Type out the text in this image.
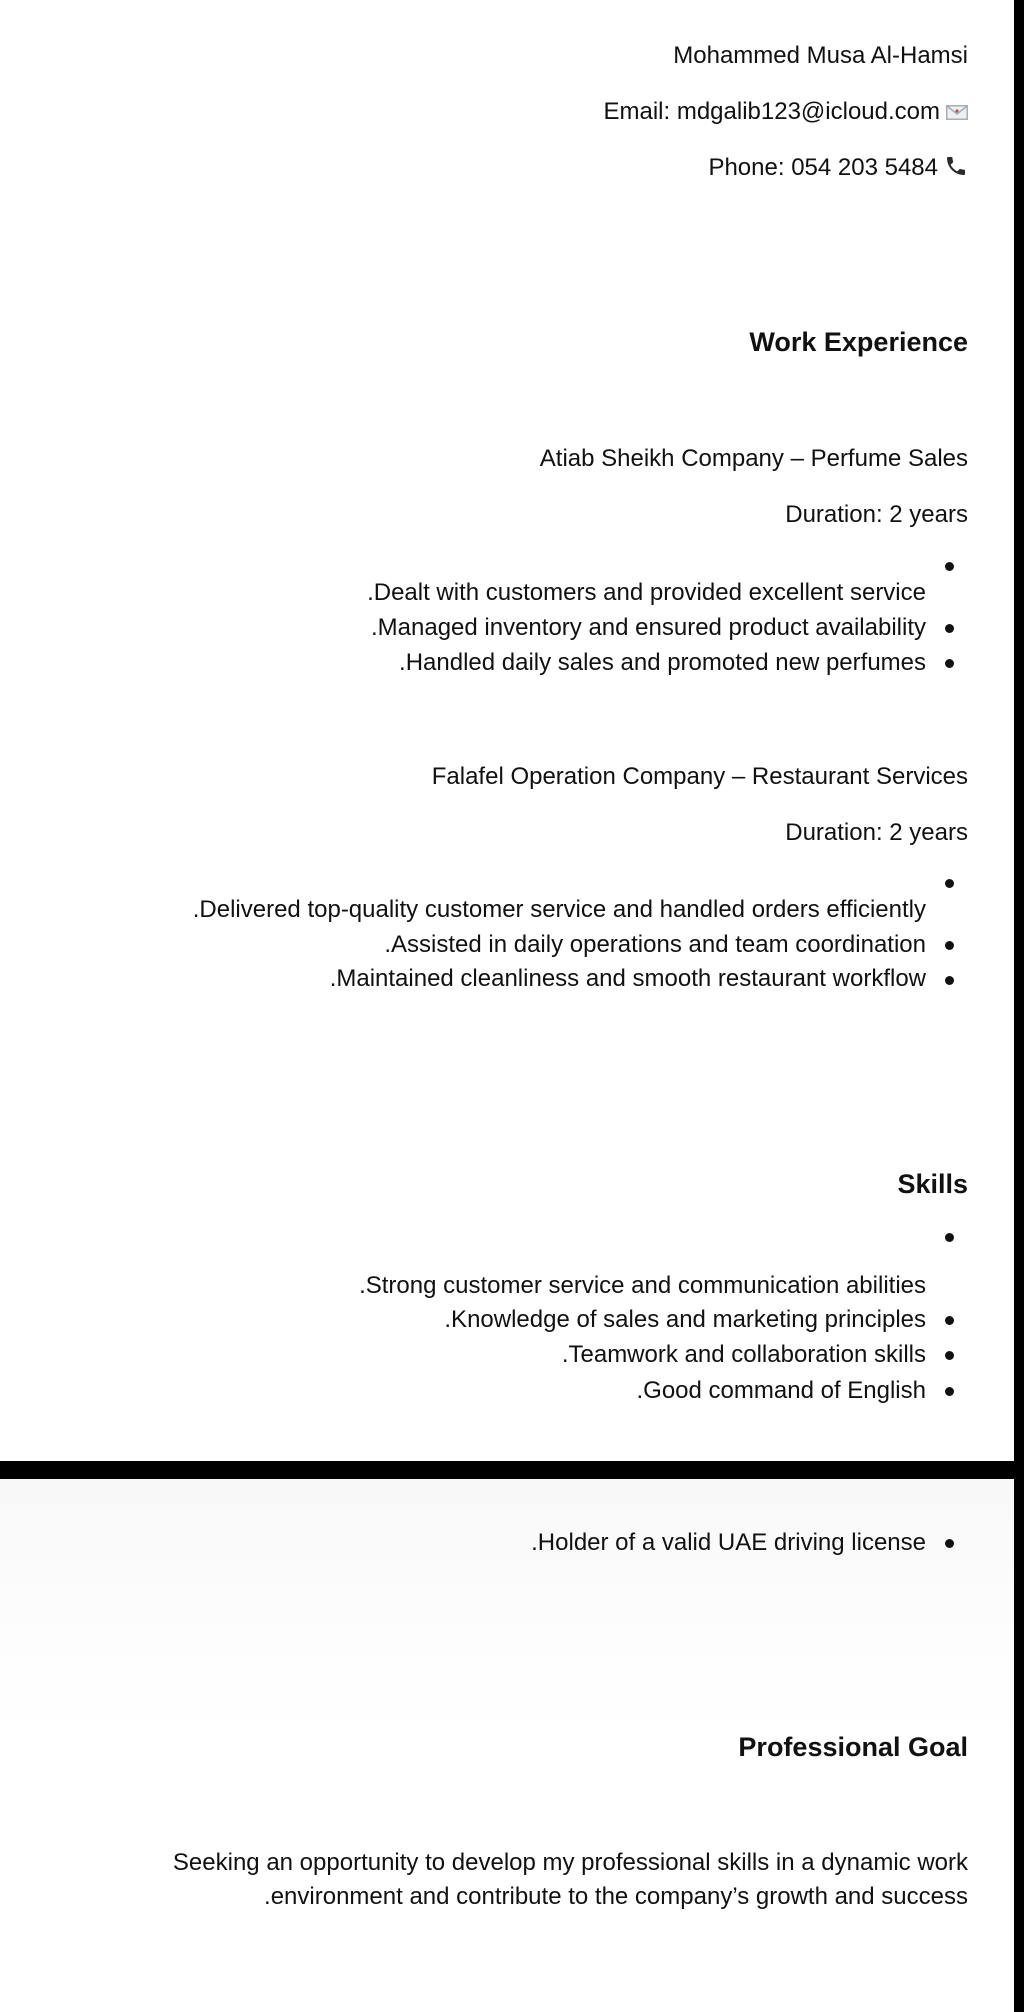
Mohammed Musa Al-Hamsi
Email: mdgalib123@icloud.com
Phone: 054 203 5484
Work Experience
Atiab Sheikh Company – Perfume Sales
Duration: 2 years
.Dealt with customers and provided excellent service
.Managed inventory and ensured product availability
.Handled daily sales and promoted new perfumes
Falafel Operation Company – Restaurant Services
Duration: 2 years
.Delivered top-quality customer service and handled orders efficiently
.Assisted in daily operations and team coordination
.Maintained cleanliness and smooth restaurant workflow
Skills
.Strong customer service and communication abilities
.Knowledge of sales and marketing principles
.Teamwork and collaboration skills
.Good command of English
.Holder of a valid UAE driving license
Professional Goal
Seeking an opportunity to develop my professional skills in a dynamic work .environment and contribute to the company’s growth and success
